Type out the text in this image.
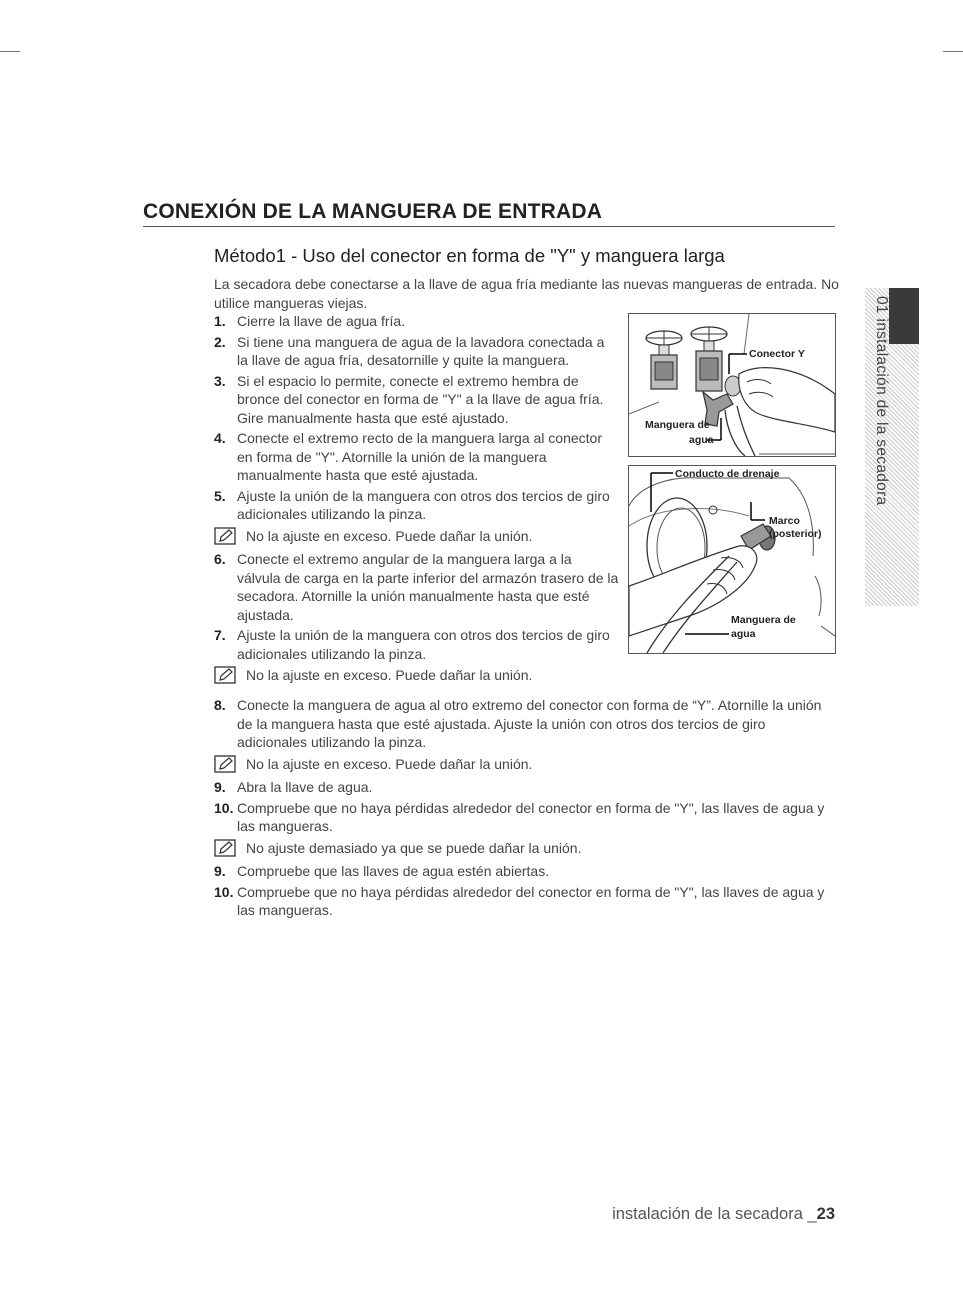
CONEXIÓN DE LA MANGUERA DE ENTRADA
Método1 - Uso del conector en forma de "Y" y manguera larga
La secadora debe conectarse a la llave de agua fría mediante las nuevas mangueras de entrada. No utilice mangueras viejas.
1. Cierre la llave de agua fría.
2. Si tiene una manguera de agua de la lavadora conectada a la llave de agua fría, desatornille y quite la manguera.
3. Si el espacio lo permite, conecte el extremo hembra de bronce del conector en forma de "Y" a la llave de agua fría. Gire manualmente hasta que esté ajustado.
4. Conecte el extremo recto de la manguera larga al conector en forma de "Y". Atornille la unión de la manguera manualmente hasta que esté ajustada.
5. Ajuste la unión de la manguera con otros dos tercios de giro adicionales utilizando la pinza.
No la ajuste en exceso. Puede dañar la unión.
6. Conecte el extremo angular de la manguera larga a la válvula de carga en la parte inferior del armazón trasero de la secadora. Atornille la unión manualmente hasta que esté ajustada.
7. Ajuste la unión de la manguera con otros dos tercios de giro adicionales utilizando la pinza.
No la ajuste en exceso. Puede dañar la unión.
8. Conecte la manguera de agua al otro extremo del conector con forma de “Y”. Atornille la unión de la manguera hasta que esté ajustada. Ajuste la unión con otros dos tercios de giro adicionales utilizando la pinza.
No la ajuste en exceso. Puede dañar la unión.
9. Abra la llave de agua.
10. Compruebe que no haya pérdidas alrededor del conector en forma de "Y", las llaves de agua y las mangueras.
No ajuste demasiado ya que se puede dañar la unión.
9. Compruebe que las llaves de agua estén abiertas.
10. Compruebe que no haya pérdidas alrededor del conector en forma de "Y", las llaves de agua y las mangueras.
Conector Y
Manguera de
agua
Conducto de drenaje
Marco
(posterior)
Manguera de
agua
01 instalación de la secadora
instalación de la secadora _23
